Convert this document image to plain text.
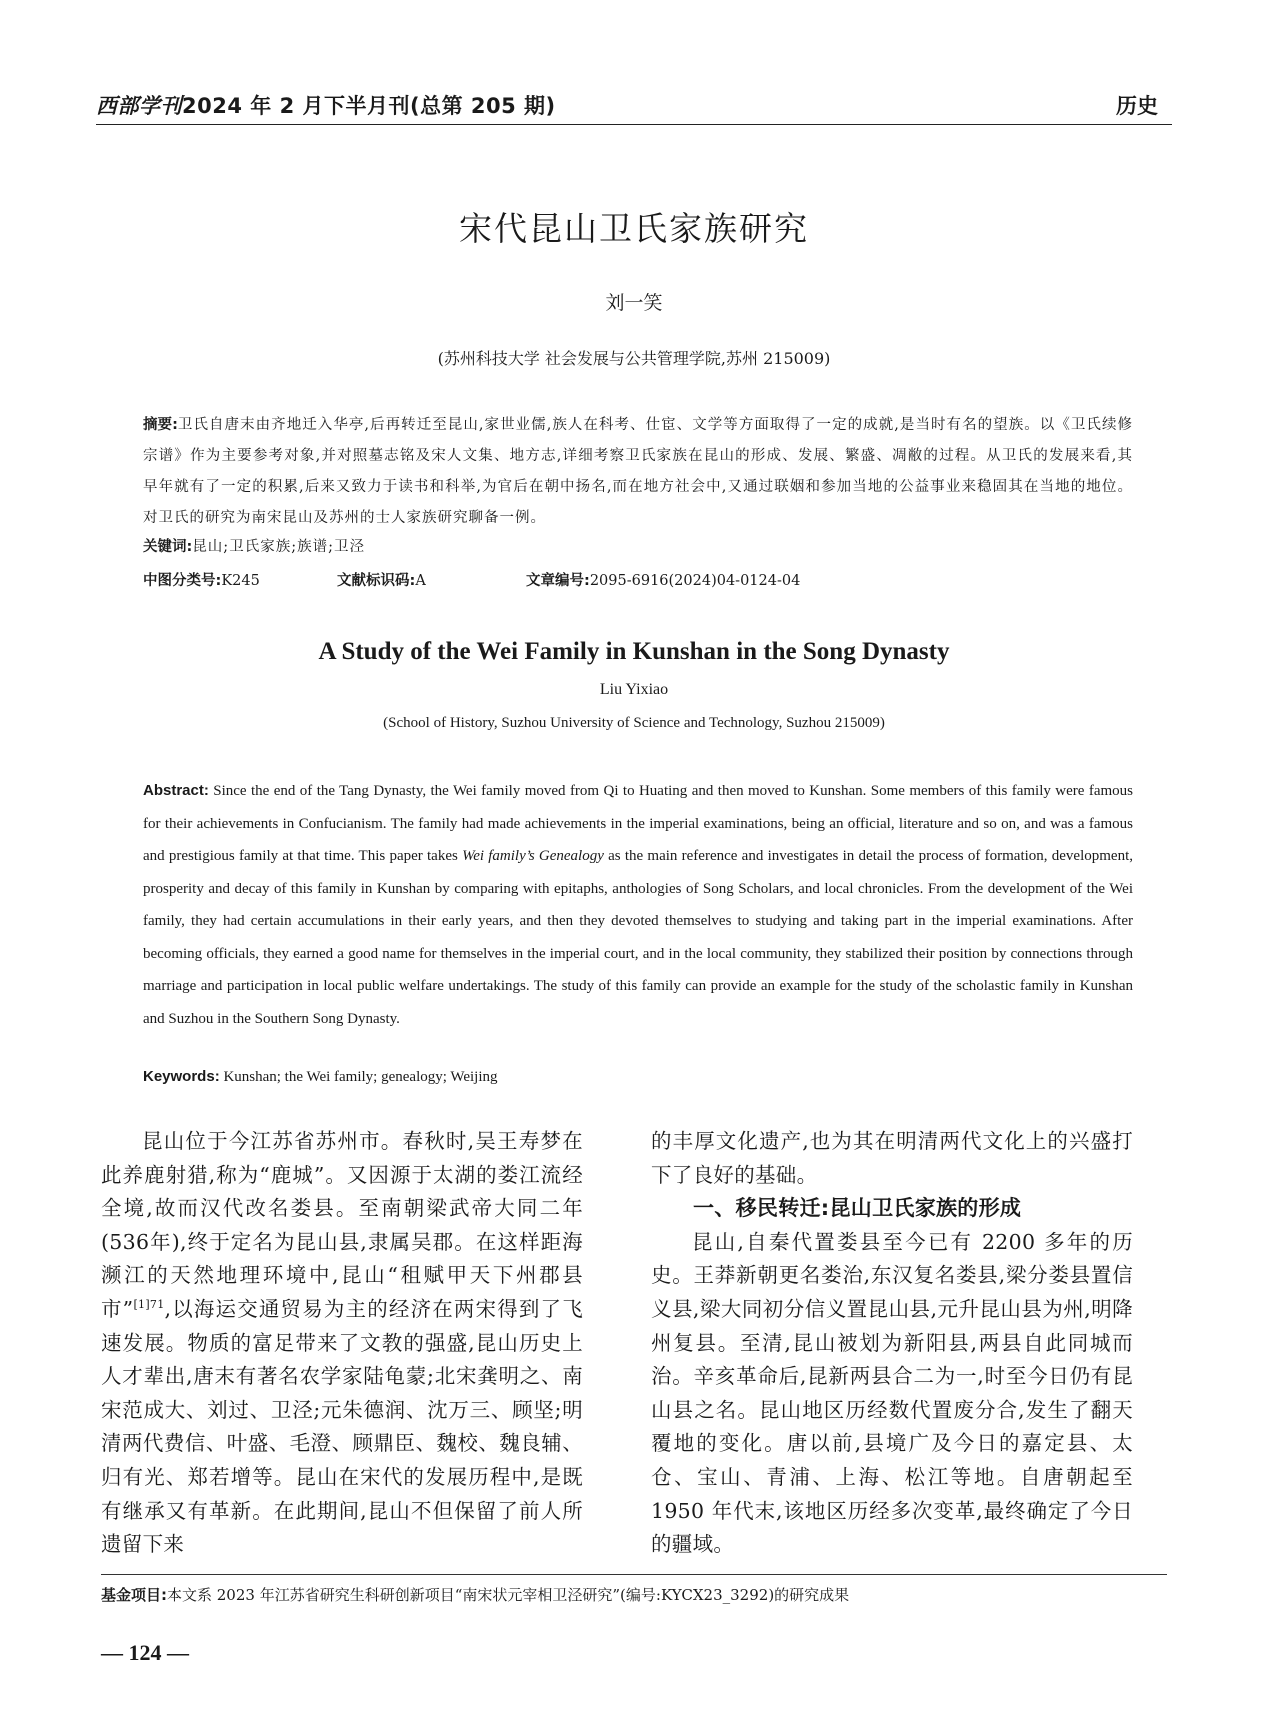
西部学刊2024 年 2 月下半月刊(总第 205 期)	历史
宋代昆山卫氏家族研究
刘一笑
(苏州科技大学 社会发展与公共管理学院,苏州 215009)
摘要:卫氏自唐末由齐地迁入华亭,后再转迁至昆山,家世业儒,族人在科考、仕宦、文学等方面取得了一定的成就,是当时有名的望族。以《卫氏续修宗谱》作为主要参考对象,并对照墓志铭及宋人文集、地方志,详细考察卫氏家族在昆山的形成、发展、繁盛、凋敝的过程。从卫氏的发展来看,其早年就有了一定的积累,后来又致力于读书和科举,为官后在朝中扬名,而在地方社会中,又通过联姻和参加当地的公益事业来稳固其在当地的地位。对卫氏的研究为南宋昆山及苏州的士人家族研究聊备一例。
关键词:昆山;卫氏家族;族谱;卫泾
中图分类号:K245	文献标识码:A	文章编号:2095-6916(2024)04-0124-04
A Study of the Wei Family in Kunshan in the Song Dynasty
Liu Yixiao
(School of History, Suzhou University of Science and Technology, Suzhou 215009)
Abstract: Since the end of the Tang Dynasty, the Wei family moved from Qi to Huating and then moved to Kunshan. Some members of this family were famous for their achievements in Confucianism. The family had made achievements in the imperial examinations, being an official, literature and so on, and was a famous and prestigious family at that time. This paper takes Wei family’s Genealogy as the main reference and investigates in detail the process of formation, development, prosperity and decay of this family in Kunshan by comparing with epitaphs, anthologies of Song Scholars, and local chronicles. From the development of the Wei family, they had certain accumulations in their early years, and then they devoted themselves to studying and taking part in the imperial examinations. After becoming officials, they earned a good name for themselves in the imperial court, and in the local community, they stabilized their position by connections through marriage and participation in local public welfare undertakings. The study of this family can provide an example for the study of the scholastic family in Kunshan and Suzhou in the Southern Song Dynasty.
Keywords: Kunshan; the Wei family; genealogy; Weijing

昆山位于今江苏省苏州市。春秋时,吴王寿梦在此养鹿射猎,称为“鹿城”。又因源于太湖的娄江流经全境,故而汉代改名娄县。至南朝梁武帝大同二年(536年),终于定名为昆山县,隶属吴郡。在这样距海濒江的天然地理环境中,昆山“租赋甲天下州郡县市”$^{[1]71}$,以海运交通贸易为主的经济在两宋得到了飞速发展。物质的富足带来了文教的强盛,昆山历史上人才辈出,唐末有著名农学家陆龟蒙;北宋龚明之、南宋范成大、刘过、卫泾;元朱德润、沈万三、顾坚;明清两代费信、叶盛、毛澄、顾鼎臣、魏校、魏良辅、归有光、郑若增等。昆山在宋代的发展历程中,是既有继承又有革新。在此期间,昆山不但保留了前人所遗留下来

的丰厚文化遗产,也为其在明清两代文化上的兴盛打下了良好的基础。

一、移民转迁:昆山卫氏家族的形成

昆山,自秦代置娄县至今已有 2200 多年的历史。王莽新朝更名娄治,东汉复名娄县,梁分娄县置信义县,梁大同初分信义置昆山县,元升昆山县为州,明降州复县。至清,昆山被划为新阳县,两县自此同城而治。辛亥革命后,昆新两县合二为一,时至今日仍有昆山县之名。昆山地区历经数代置废分合,发生了翻天覆地的变化。唐以前,县境广及今日的嘉定县、太仓、宝山、青浦、上海、松江等地。自唐朝起至 1950 年代末,该地区历经多次变革,最终确定了今日的疆域。

基金项目:本文系 2023 年江苏省研究生科研创新项目“南宋状元宰相卫泾研究”(编号:KYCX23_3292)的研究成果
— 124 —
